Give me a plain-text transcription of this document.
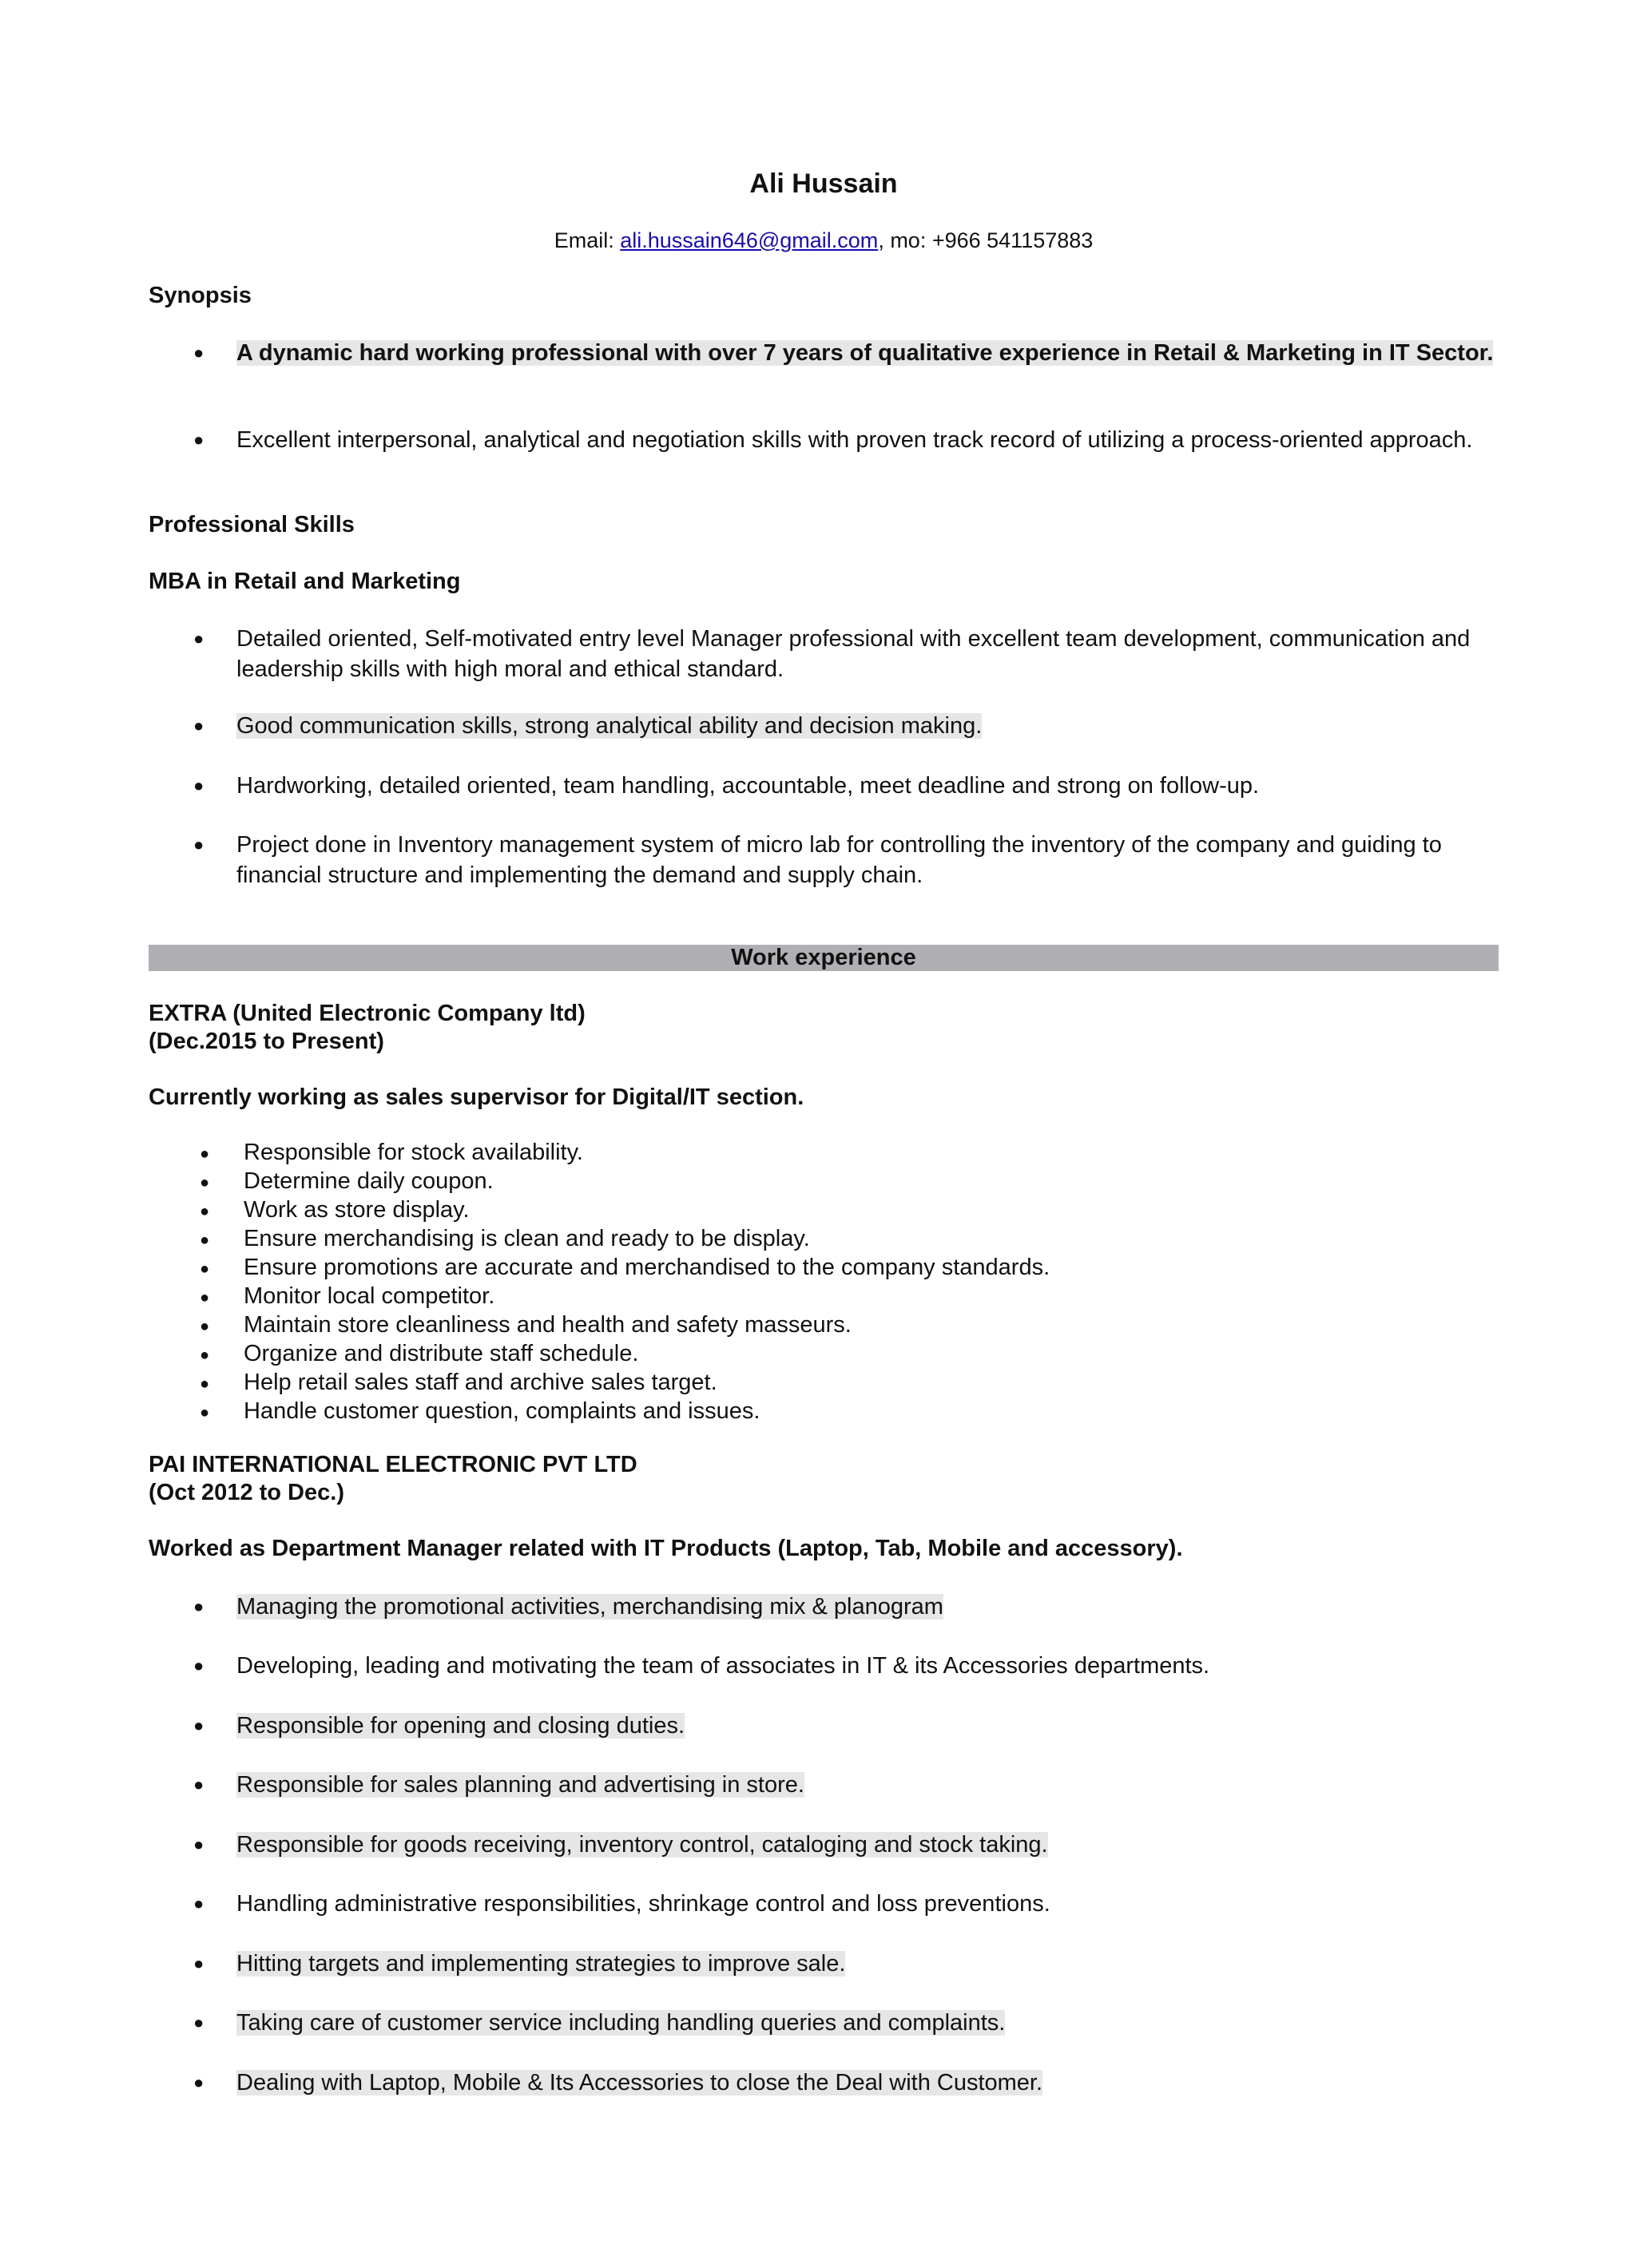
Ali Hussain
Email: ali.hussain646@gmail.com, mo: +966 541157883
Synopsis
● A dynamic hard working professional with over 7 years of qualitative experience in Retail & Marketing in IT Sector.
● Excellent interpersonal, analytical and negotiation skills with proven track record of utilizing a process-oriented approach.
Professional Skills
MBA in Retail and Marketing
● Detailed oriented, Self-motivated entry level Manager professional with excellent team development, communication and leadership skills with high moral and ethical standard.
● Good communication skills, strong analytical ability and decision making.
● Hardworking, detailed oriented, team handling, accountable, meet deadline and strong on follow-up.
● Project done in Inventory management system of micro lab for controlling the inventory of the company and guiding to financial structure and implementing the demand and supply chain.
Work experience
EXTRA (United Electronic Company ltd)
(Dec.2015 to Present)
Currently working as sales supervisor for Digital/IT section.
● Responsible for stock availability.
● Determine daily coupon.
● Work as store display.
● Ensure merchandising is clean and ready to be display.
● Ensure promotions are accurate and merchandised to the company standards.
● Monitor local competitor.
● Maintain store cleanliness and health and safety masseurs.
● Organize and distribute staff schedule.
● Help retail sales staff and archive sales target.
● Handle customer question, complaints and issues.
PAI INTERNATIONAL ELECTRONIC PVT LTD
(Oct 2012 to Dec.)
Worked as Department Manager related with IT Products (Laptop, Tab, Mobile and accessory).
● Managing the promotional activities, merchandising mix & planogram
● Developing, leading and motivating the team of associates in IT & its Accessories departments.
● Responsible for opening and closing duties.
● Responsible for sales planning and advertising in store.
● Responsible for goods receiving, inventory control, cataloging and stock taking.
● Handling administrative responsibilities, shrinkage control and loss preventions.
● Hitting targets and implementing strategies to improve sale.
● Taking care of customer service including handling queries and complaints.
● Dealing with Laptop, Mobile & Its Accessories to close the Deal with Customer.
